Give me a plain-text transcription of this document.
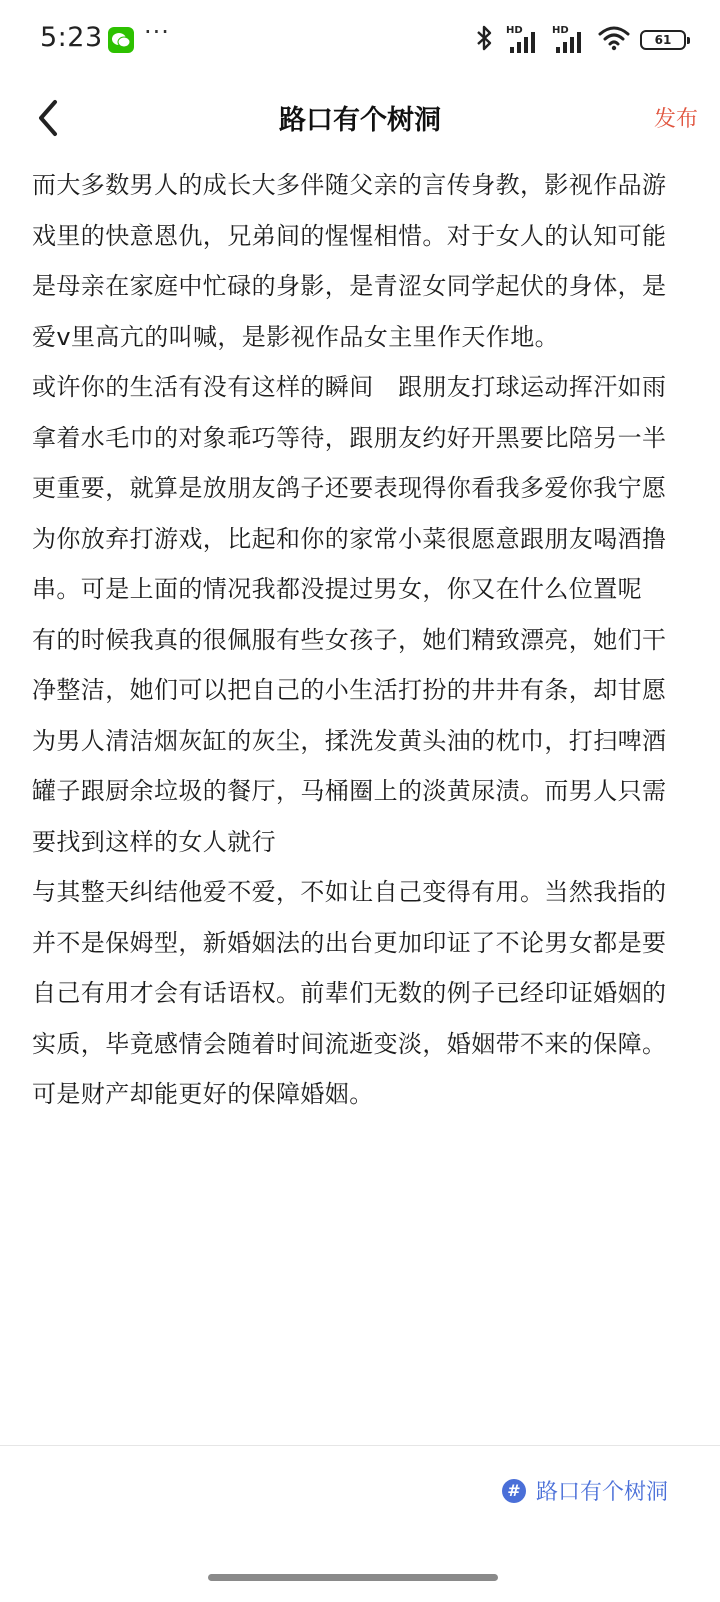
5:23 ···	HD	HD
61
路口有个树洞	发布

而大多数男人的成长大多伴随父亲的言传身教，影视作品游戏里的快意恩仇，兄弟间的惺惺相惜。对于女人的认知可能是母亲在家庭中忙碌的身影，是青涩女同学起伏的身体，是爱v里高亢的叫喊，是影视作品女主里作天作地。

或许你的生活有没有这样的瞬间　跟朋友打球运动挥汗如雨拿着水毛巾的对象乖巧等待，跟朋友约好开黑要比陪另一半更重要，就算是放朋友鸽子还要表现得你看我多爱你我宁愿为你放弃打游戏，比起和你的家常小菜很愿意跟朋友喝酒撸串。可是上面的情况我都没提过男女，你又在什么位置呢

有的时候我真的很佩服有些女孩子，她们精致漂亮，她们干净整洁，她们可以把自己的小生活打扮的井井有条，却甘愿为男人清洁烟灰缸的灰尘，揉洗发黄头油的枕巾，打扫啤酒罐子跟厨余垃圾的餐厅，马桶圈上的淡黄尿渍。而男人只需要找到这样的女人就行

与其整天纠结他爱不爱，不如让自己变得有用。当然我指的并不是保姆型，新婚姻法的出台更加印证了不论男女都是要自己有用才会有话语权。前辈们无数的例子已经印证婚姻的实质，毕竟感情会随着时间流逝变淡，婚姻带不来的保障。可是财产却能更好的保障婚姻。

# 路口有个树洞
